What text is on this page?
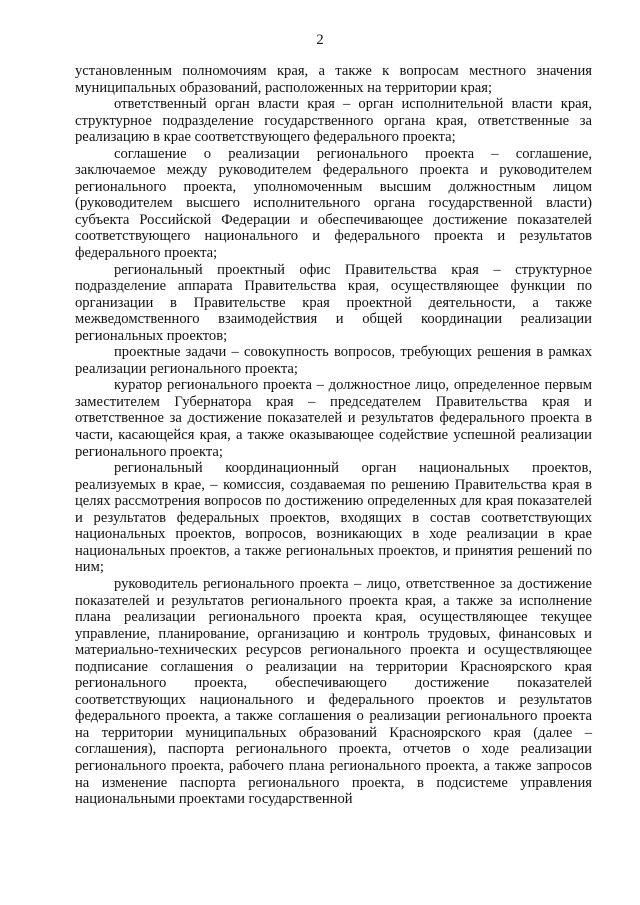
2

установленным полномочиям края, а также к вопросам местного значения муниципальных образований, расположенных на территории края;

ответственный орган власти края – орган исполнительной власти края, структурное подразделение государственного органа края, ответственные за реализацию в крае соответствующего федерального проекта;

соглашение о реализации регионального проекта – соглашение, заключаемое между руководителем федерального проекта и руководителем регионального проекта, уполномоченным высшим должностным лицом (руководителем высшего исполнительного органа государственной власти) субъекта Российской Федерации и обеспечивающее достижение показателей соответствующего национального и федерального проекта и результатов федерального проекта;

региональный проектный офис Правительства края – структурное подразделение аппарата Правительства края, осуществляющее функции по организации в Правительстве края проектной деятельности, а также межведомственного взаимодействия и общей координации реализации региональных проектов;

проектные задачи – совокупность вопросов, требующих решения в рамках реализации регионального проекта;

куратор регионального проекта – должностное лицо, определенное первым заместителем Губернатора края – председателем Правительства края и ответственное за достижение показателей и результатов федерального проекта в части, касающейся края, а также оказывающее содействие успешной реализации регионального проекта;

региональный координационный орган национальных проектов, реализуемых в крае, – комиссия, создаваемая по решению Правительства края в целях рассмотрения вопросов по достижению определенных для края показателей и результатов федеральных проектов, входящих в состав соответствующих национальных проектов, вопросов, возникающих в ходе реализации в крае национальных проектов, а также региональных проектов, и принятия решений по ним;

руководитель регионального проекта – лицо, ответственное за достижение показателей и результатов регионального проекта края, а также за исполнение плана реализации регионального проекта края, осуществляющее текущее управление, планирование, организацию и контроль трудовых, финансовых и материально-технических ресурсов регионального проекта и осуществляющее подписание соглашения о реализации на территории Красноярского края регионального проекта, обеспечивающего достижение показателей соответствующих национального и федерального проектов и результатов федерального проекта, а также соглашения о реализации регионального проекта на территории муниципальных образований Красноярского края (далее – соглашения), паспорта регионального проекта, отчетов о ходе реализации регионального проекта, рабочего плана регионального проекта, а также запросов на изменение паспорта регионального проекта, в подсистеме управления национальными проектами государственной
